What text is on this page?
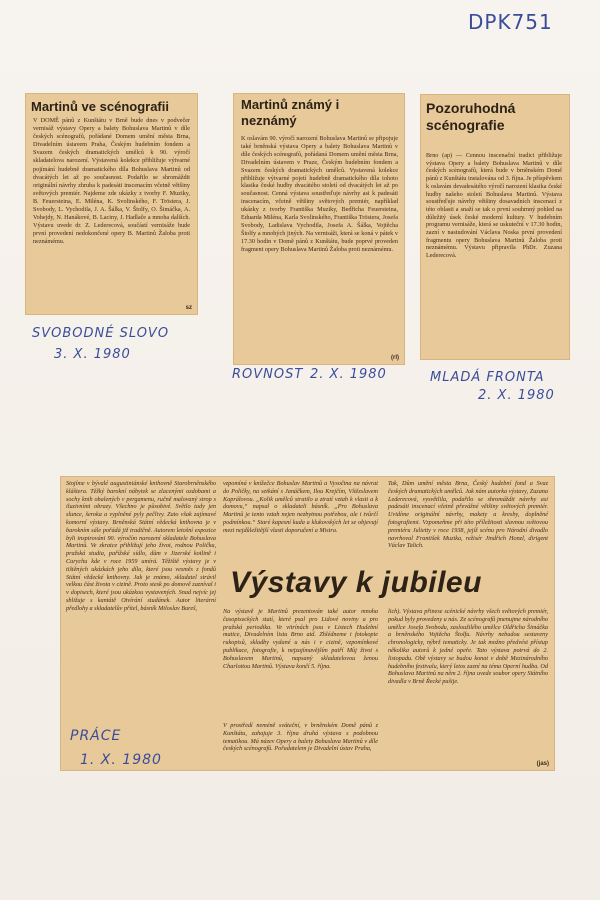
DPK751
Martinů ve scénografii
V DOMĚ pánů z Kunštátu v Brně bude dnes v podvečer vernisáž výstavy Opery a balety Bohuslava Martinů v díle českých scénografů, pořádané Domem umění města Brna, Divadelním ústavem Praha, Českým hudebním fondem a Svazem českých dramatických umělců k 90. výročí skladatelova narození. Výstavená kolekce přibližuje výtvarné pojímání hudebně dramatického díla Bohuslava Martinů od dvacátých let až po současnost. Podařilo se shromáždit originální návrhy zhruba k padesáti inscenacím včetně většiny světových premiér. Najdeme zde ukázky z tvorby F. Muziky, B. Feuersteina, E. Miléna, K. Svolinského, F. Tröstera, J. Svobody, L. Vychodila, J. A. Šálka, V. Štolfy, O. Šimáčka, A. Vohejdy, N. Hanákové, B. Laciny, J. Hadlače a mnoha dalších. Výstavu uvede dr. Z. Lederecová, součástí vernisáže bude první provedení nedokončené opery B. Martinů Žaloba proti neznámému.
sz
SVOBODNÉ SLOVO
3. X. 1980
Martinů známý i neznámý
K oslavám 90. výročí narození Bohuslava Martinů se připojuje také brněnská výstava Opery a balety Bohuslava Martinů v díle českých scénografů, pořádaná Domem umění města Brna, Divadelním ústavem v Praze, Českým hudebním fondem a Svazem českých dramatických umělců. Vystavená kolekce přibližuje výtvarné pojetí hudebně dramatického díla tohoto klasika české hudby dvacátého století od dvacátých let až po současnost. Cenná výstava soustřeďuje návrhy asi k padesáti inscenacím, včetně většiny světových premiér, například ukázky z tvorby Františka Muziky, Bedřicha Feuersteina, Eduarda Miléna, Karla Svolinského, Františka Tröstera, Josefa Svobody, Ladislava Vychodila, Josefa A. Šálka, Vojtěcha Štolfy a mnohých jiných. Na vernisáži, která se koná v pátek v 17.30 hodin v Domě pánů z Kunštátu, bude poprvé proveden fragment opery Bohuslava Martinů Žaloba proti neznámému.
(rl)
ROVNOST 2. X. 1980
Pozoruhodná scénografie
Brno (ap) — Cennou inscenační tradici přibližuje výstava Opery a balety Bohuslava Martinů v díle českých scénografů, která bude v brněnském Domě pánů z Kunštátu instalována od 3. října. Je příspěvkem k oslavám devadesátého výročí narození klasika české hudby našeho století Bohuslava Martinů. Výstava soustřeďuje návrhy většiny dosavadních inscenací z této oblasti a snaží se tak o první souhrnný pohled na důležitý úsek české moderní kultury. V hudebním programu vernisáže, která se uskuteční v 17.30 hodin, zazní v nastudování Václava Noska první provedení fragmentu opery Bohuslava Martinů Žaloba proti neznámému. Výstavu připravila PhDr. Zuzana Lederecová.
MLADÁ FRONTA
2. X. 1980
Stojíme v bývalé augustiniánské knihovně Starobrněnského kláštera. Těžký barokní nábytek se zlacenými ozdobami a sochy knih obalených v pergamenu, ručně malovaný strop s iluzivními obrazy. Všechno je působivé. Světlo tady jen slunce, šeroka a vyplněné pyly pečlivy. Zato však zajímavé komorní výstavy. Brněnská Státní vědecká knihovna je v barokním sále pořádá již tradičně. Autorem letošní expozice byli inspirováni 90. výročím narození skladatele Bohuslava Martinů. Ve zkratce přibližují jeho život, rodnou Poličku, pražská studia, pařížské sídlo, dům v Jizerské kotlině i Curychu kde v roce 1959 umírá. Těžiště výstavy je v tištěných ukázkách jeho díla, které jsou vesměs z fondů Státní vědecké knihovny. Jak je známo, skladatel strávil velkou část života v cizině. Proto stesk po domově zazníval i v dopisech, které jsou ukázkou vystavených. Snad nejvíc jej sbližuje s kantátě Otvírání studánek. Autor literární předlohy a skladatelův přítel, básník Miloslav Bureš,
vzpomíná v knížečce Bohuslav Martinů a Vysočina na návrat do Poličky, na setkání s Janáčkem, Ilou Krejčím, Vítězslavem Kaprálovou. „Kolik umělců stratilo a ztratí vztah k vlasti a k domovu,“ napsal o skladateli básník. „Pro Bohuslava Martinů je tento vztah nejen nezbytnou potřebou, ale i tvůrčí podmínkou.“ Staré kapesní kuda a klukovských let se objevují mezi nejdůležitější vlasti doporučení a Mistra.
Tak, Dům umění města Brna, Český hudební fond a Svaz českých dramatických umělců. Jak nám autorka výstavy, Zuzana Lederecová, vysvětlila, podařilo se shromáždit návrhy asi padesáti inscenací včetně převážné většiny světových premiér. Uvidíme originální návrhy, makety a kresby, doplněné fotografiemi. Vzpomeňme při této příležitosti slavnou světovou premiéru Julietty v roce 1938, jejíž scénu pro Národní divadlo navrhoval František Muzika, režisér Jindřich Honzl, dirigent Václav Talich.
Výstavy k jubileu
Na výstavě je Martinů prezentován také autor mnoha časopiseckých statí, které psal pro Lidové noviny a pro pražská periodika. Ve vitrínách jsou v Listech Hudební matice, Divadelním listu Brno atd. Zhlédneme i fotokopie rukopisů, skladby vydané u nás i v cizině, vzpomínkové publikace, fotografie, k nejzajímavějším patří Můj život s Bohuslavem Martinů, napsaný skladatelovou ženou Charlottou Martinů. Výstava končí 5. října.
V prostředí neméně sváteční, v brněnském Domě pánů z Kunštátu, zahajuje 3. října druhá výstava s podobnou tematikou. Má název Opery a balety Bohuslava Martinů v díle českých scénografů. Pořadatelem je Divadelní ústav Praha,
lich). Výstava přinese scénické návrhy všech světových premiér, pokud byly provedeny u nás. Ze scénografů jmenujme národního umělce Josefa Svobodu, zasloužilého umělce Oldřicha Šimáčka a brněnského Vojtěcha Štolfu. Návrhy nebudou sestaveny chronologicky, nýbrž tematicky. Je tak možno předvést přístup několika autorů k jedné opeře. Tato výstava potrvá do 2. listopadu. Obě výstavy se budou konat v době Mezinárodního hudebního festivalu, který letos zazní na téma Operní hudba. Od Bohuslava Martinů na něm 2. října uvede soubor opery Státního divadla v Brně Řecké pašije.
(jas)
PRÁCE
1. X. 1980
